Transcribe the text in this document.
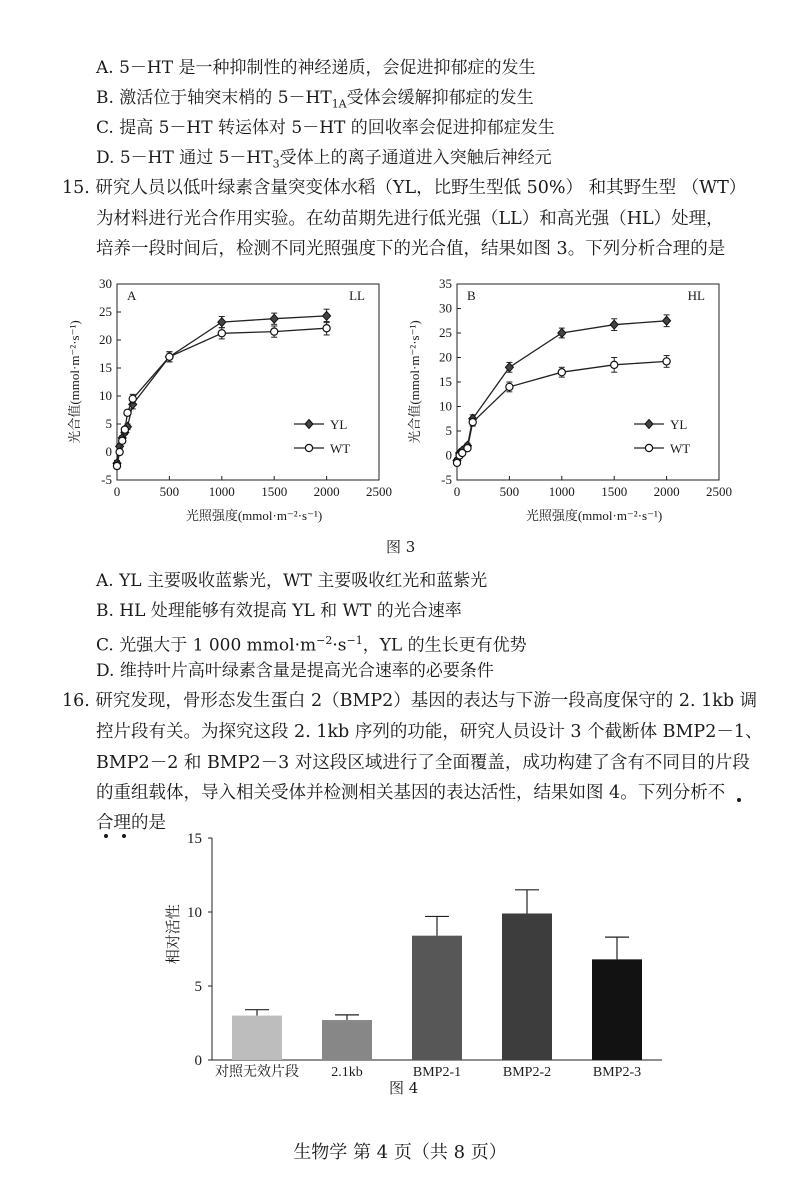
A. 5－HT 是一种抑制性的神经递质，会促进抑郁症的发生
B. 激活位于轴突末梢的 $5-HT_{1A}$受体会缓解抑郁症的发生
C. 提高 5－HT 转运体对 5－HT 的回收率会促进抑郁症发生
D. 5－HT 通过 $5-HT_3$受体上的离子通道进入突触后神经元
15. 研究人员以低叶绿素含量突变体水稻（YL，比野生型低 50%） 和其野生型 （WT）
为材料进行光合作用实验。在幼苗期先进行低光强（LL）和高光强（HL）处理，
培养一段时间后，检测不同光照强度下的光合值，结果如图 3。下列分析合理的是
-5
0
5
10
15
20
25
30
0	500 1000 1500 2000 2500
A	LL
光照强度(mmol·m⁻²·s⁻¹)
光合值(mmol·m⁻²·s⁻¹)	YL
WT
-5
0
5
10
15
20
25
30
35
0	500 1000 1500 2000 2500
B	HL
光照强度(mmol·m⁻²·s⁻¹)
光合值(mmol·m⁻²·s⁻¹)	YL
WT
图 3
A. YL 主要吸收蓝紫光，WT 主要吸收红光和蓝紫光
B. HL 处理能够有效提高 YL 和 WT 的光合速率
C. 光强大于 1 000 $mmol\cdot m^{-2}\cdot s^{-1}$，YL 的生长更有优势
D. 维持叶片高叶绿素含量是提高光合速率的必要条件
16. 研究发现，骨形态发生蛋白 2（BMP2）基因的表达与下游一段高度保守的 2. 1kb 调
控片段有关。为探究这段 2. 1kb 序列的功能，研究人员设计 3 个截断体 BMP2－1、
BMP2－2 和 BMP2－3 对这段区域进行了全面覆盖，成功构建了含有不同目的片段
的重组载体，导入相关受体并检测相关基因的表达活性，结果如图 4。下列分析不
合理的是
0
5
10
15
相对活性
对照无效片段 2.1kb	BMP2-1	BMP2-2	BMP2-3
图 4
生物学 第 4 页（共 8 页）
